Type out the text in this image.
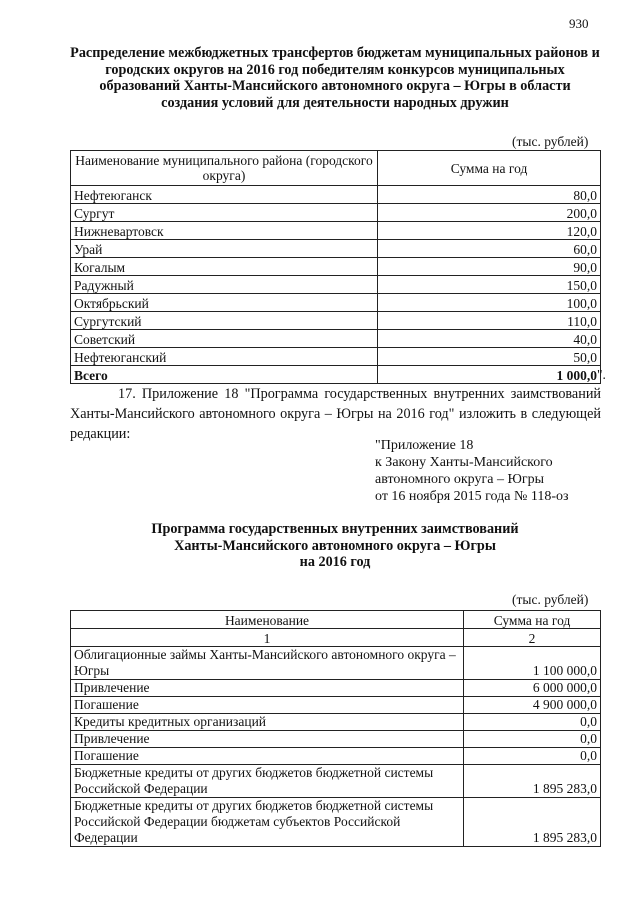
930
Распределение межбюджетных трансфертов бюджетам муниципальных районов и городских округов на 2016 год победителям конкурсов муниципальных образований Ханты-Мансийского автономного округа – Югры в области создания условий для деятельности народных дружин
(тыс. рублей)
Наименование муниципального района (городского округа)	Сумма на год
Нефтеюганск	80,0
Сургут	200,0
Нижневартовск	120,0
Урай	60,0
Когалым	90,0
Радужный	150,0
Октябрьский	100,0
Сургутский	110,0
Советский	40,0
Нефтеюганский	50,0
Всего	1 000,0 ".
17. Приложение 18 "Программа государственных внутренних заимствований Ханты-Мансийского автономного округа – Югры на 2016 год" изложить в следующей редакции:
"Приложение 18
к Закону Ханты-Мансийского
автономного округа – Югры
от 16 ноября 2015 года № 118-оз
Программа государственных внутренних заимствований
Ханты-Мансийского автономного округа – Югры
на 2016 год
(тыс. рублей)
Наименование	Сумма на год
1	2
Облигационные займы Ханты-Мансийского автономного округа – Югры	1 100 000,0
Привлечение	6 000 000,0
Погашение	4 900 000,0
Кредиты кредитных организаций	0,0
Привлечение	0,0
Погашение	0,0
Бюджетные кредиты от других бюджетов бюджетной системы Российской Федерации	1 895 283,0
Бюджетные кредиты от других бюджетов бюджетной системы Российской Федерации бюджетам субъектов Российской Федерации	1 895 283,0
